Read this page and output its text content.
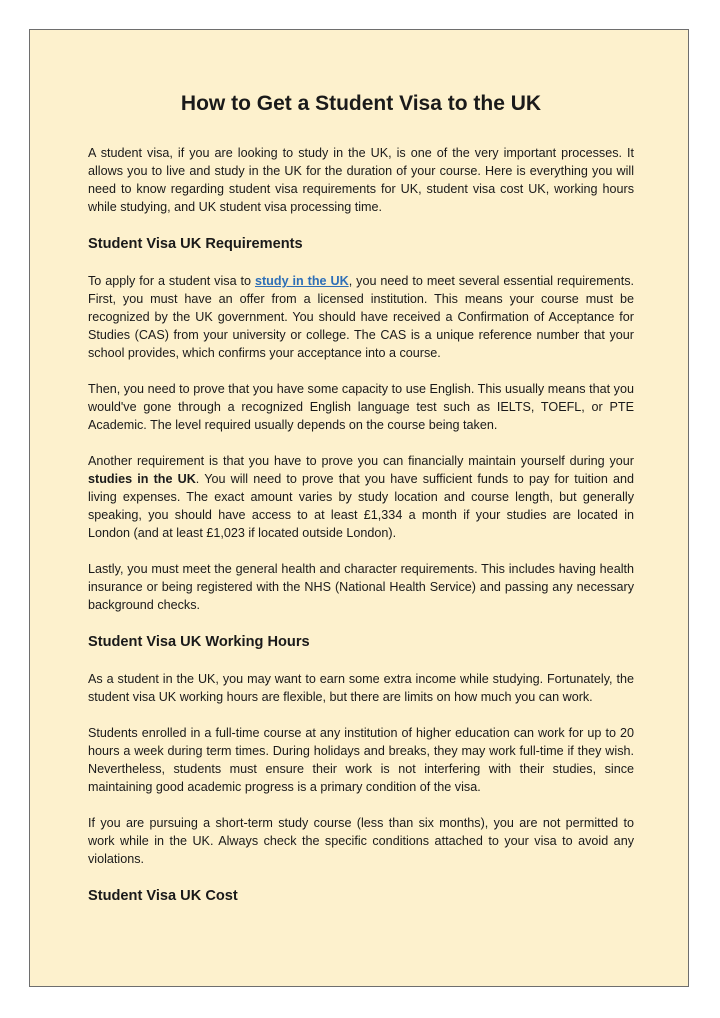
How to Get a Student Visa to the UK

A student visa, if you are looking to study in the UK, is one of the very important processes. It allows you to live and study in the UK for the duration of your course. Here is everything you will need to know regarding student visa requirements for UK, student visa cost UK, working hours while studying, and UK student visa processing time.

Student Visa UK Requirements

To apply for a student visa to study in the UK, you need to meet several essential requirements. First, you must have an offer from a licensed institution. This means your course must be recognized by the UK government. You should have received a Confirmation of Acceptance for Studies (CAS) from your university or college. The CAS is a unique reference number that your school provides, which confirms your acceptance into a course.

Then, you need to prove that you have some capacity to use English. This usually means that you would've gone through a recognized English language test such as IELTS, TOEFL, or PTE Academic. The level required usually depends on the course being taken.

Another requirement is that you have to prove you can financially maintain yourself during your studies in the UK. You will need to prove that you have sufficient funds to pay for tuition and living expenses. The exact amount varies by study location and course length, but generally speaking, you should have access to at least £1,334 a month if your studies are located in London (and at least £1,023 if located outside London).

Lastly, you must meet the general health and character requirements. This includes having health insurance or being registered with the NHS (National Health Service) and passing any necessary background checks.

Student Visa UK Working Hours

As a student in the UK, you may want to earn some extra income while studying. Fortunately, the student visa UK working hours are flexible, but there are limits on how much you can work.

Students enrolled in a full-time course at any institution of higher education can work for up to 20 hours a week during term times. During holidays and breaks, they may work full-time if they wish. Nevertheless, students must ensure their work is not interfering with their studies, since maintaining good academic progress is a primary condition of the visa.

If you are pursuing a short-term study course (less than six months), you are not permitted to work while in the UK. Always check the specific conditions attached to your visa to avoid any violations.

Student Visa UK Cost
